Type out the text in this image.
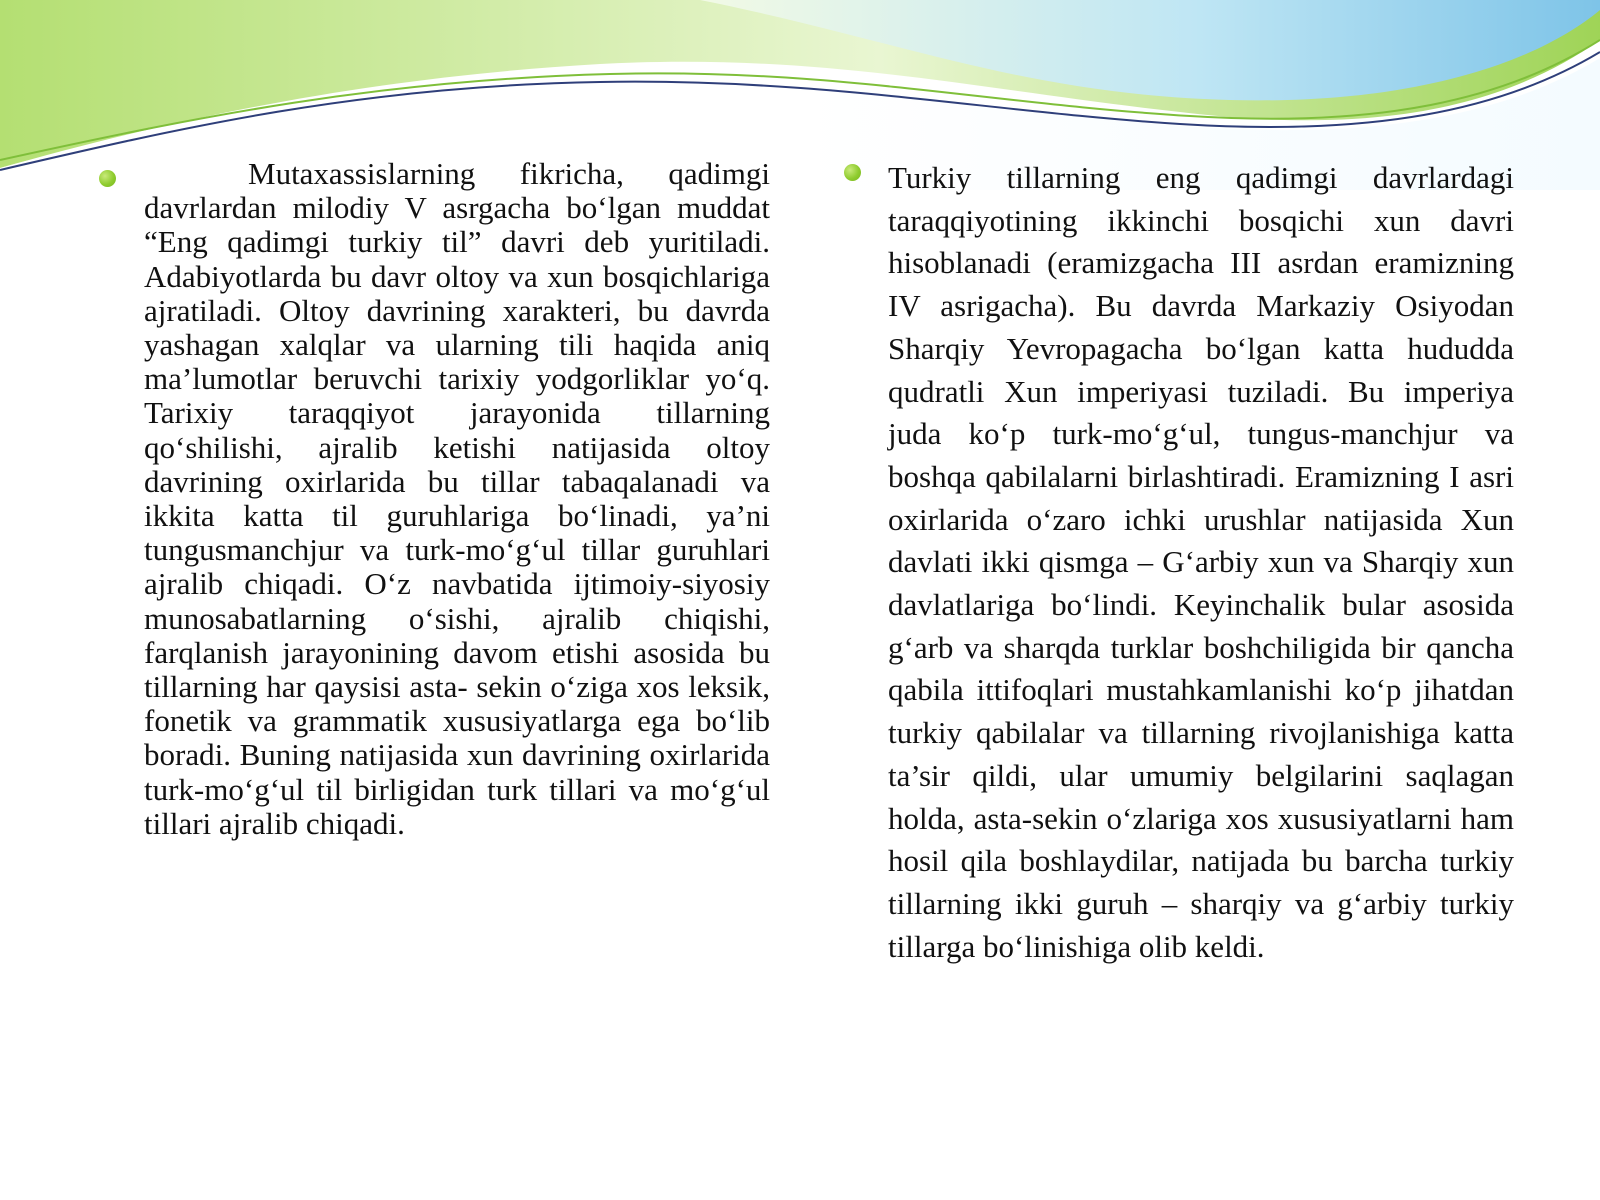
Mutaxassislarning fikricha, qadimgi davrlardan milodiy V asrgacha bo‘lgan muddat “Eng qadimgi turkiy til” davri deb yuritiladi. Adabiyotlarda bu davr oltoy va xun bosqichlariga ajratiladi. Oltoy davrining xarakteri, bu davrda yashagan xalqlar va ularning tili haqida aniq ma’lumotlar beruvchi tarixiy yodgorliklar yo‘q. Tarixiy taraqqiyot jarayonida tillarning qo‘shilishi, ajralib ketishi natijasida oltoy davrining oxirlarida bu tillar tabaqalanadi va ikkita katta til guruhlariga bo‘linadi, ya’ni tungusmanchjur va turk-mo‘g‘ul tillar guruhlari ajralib chiqadi. O‘z navbatida ijtimoiy-siyosiy munosabatlarning o‘sishi, ajralib chiqishi, farqlanish jarayonining davom etishi asosida bu tillarning har qaysisi asta- sekin o‘ziga xos leksik, fonetik va grammatik xususiyatlarga ega bo‘lib boradi. Buning natijasida xun davrining oxirlarida turk-mo‘g‘ul til birligidan turk tillari va mo‘g‘ul tillari ajralib chiqadi.

Turkiy tillarning eng qadimgi davrlardagi taraqqiyotining ikkinchi bosqichi xun davri hisoblanadi (eramizgacha III asrdan eramizning IV asrigacha). Bu davrda Markaziy Osiyodan Sharqiy Yevropagacha bo‘lgan katta hududda qudratli Xun imperiyasi tuziladi. Bu imperiya juda ko‘p turk-mo‘g‘ul, tungus-manchjur va boshqa qabilalarni birlashtiradi. Eramizning I asri oxirlarida o‘zaro ichki urushlar natijasida Xun davlati ikki qismga – G‘arbiy xun va Sharqiy xun davlatlariga bo‘lindi. Keyinchalik bular asosida g‘arb va sharqda turklar boshchiligida bir qancha qabila ittifoqlari mustahkamlanishi ko‘p jihatdan turkiy qabilalar va tillarning rivojlanishiga katta ta’sir qildi, ular umumiy belgilarini saqlagan holda, asta-sekin o‘zlariga xos xususiyatlarni ham hosil qila boshlaydilar, natijada bu barcha turkiy tillarning ikki guruh – sharqiy va g‘arbiy turkiy tillarga bo‘linishiga olib keldi.
